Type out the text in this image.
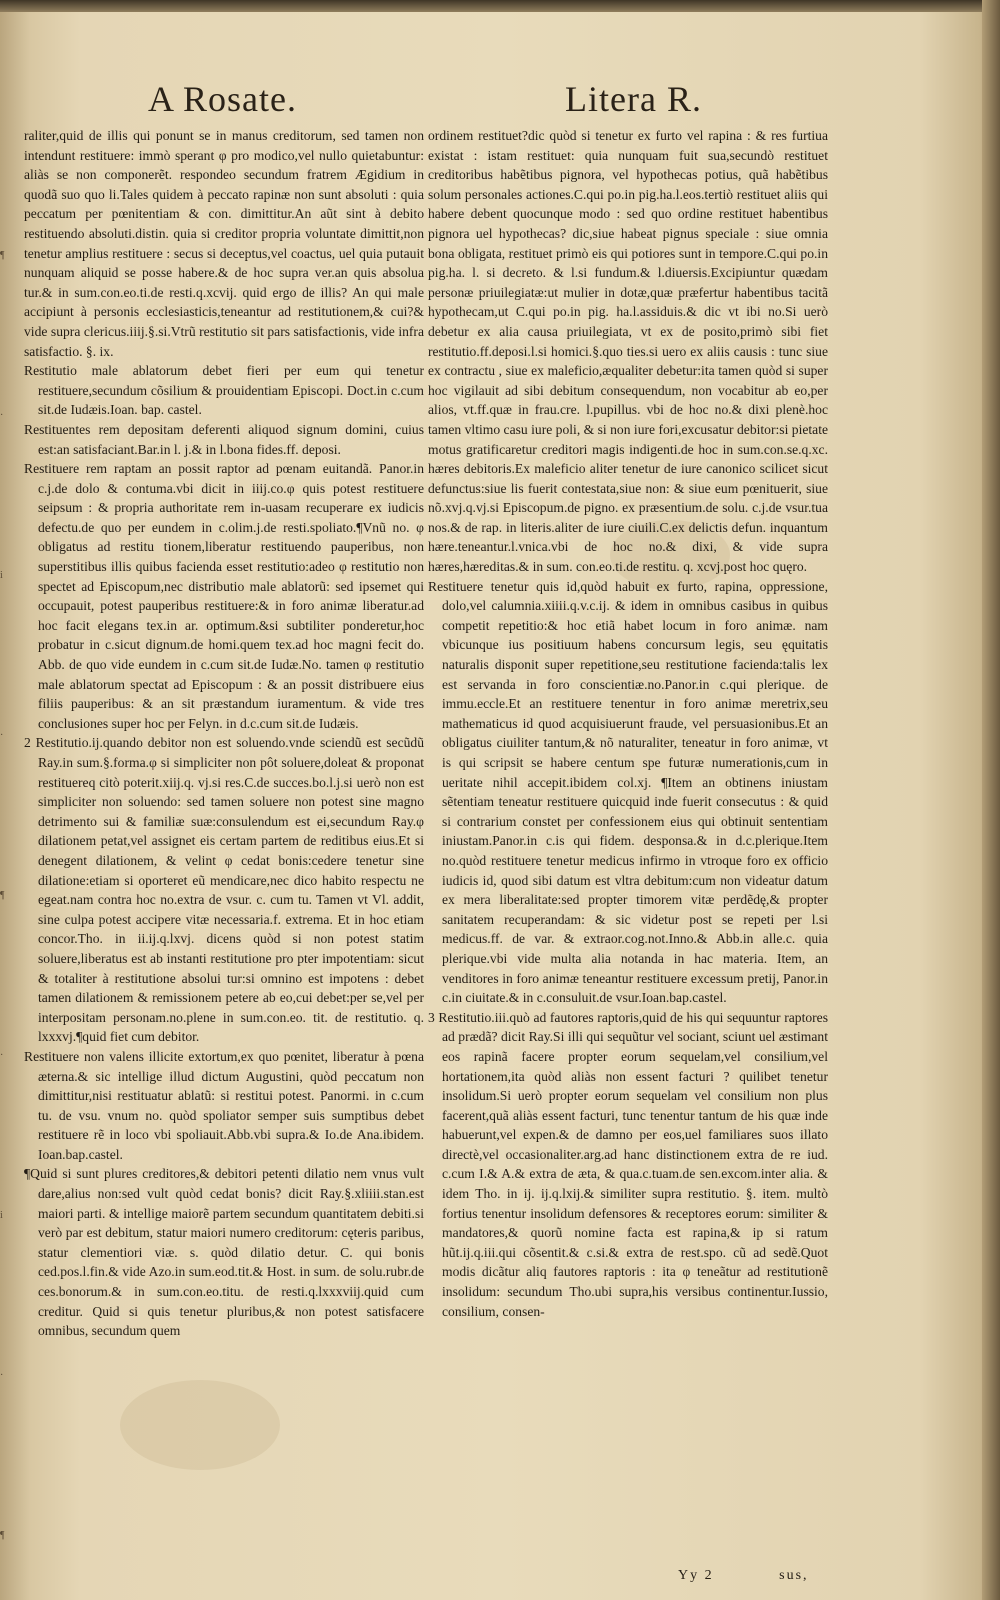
A Rosate.	Litera R.
¶
·
i
·
¶
·
i
·
¶

raliter,quid de illis qui ponunt se in manus creditorum, sed tamen non intendunt restituere: immò sperant φ pro modico,vel nullo quietabuntur: aliàs se non componerẽt. respondeo secundum fratrem Ægidium in quodã suo quo li.Tales quidem à peccato rapinæ non sunt absoluti : quia peccatum per pœnitentiam & con. dimittitur.An aũt sint à debito restituendo absoluti.distin. quia si creditor propria voluntate dimittit,non tenetur amplius restituere : secus si deceptus,vel coactus, uel quia putauit nunquam aliquid se posse habere.& de hoc supra ver.an quis absolua tur.& in sum.con.eo.ti.de resti.q.xcvij. quid ergo de illis? An qui male accipiunt à personis ecclesiasticis,teneantur ad restitutionem,& cui?& vide supra clericus.iiij.§.si.Vtrũ restitutio sit pars satisfactionis, vide infra satisfactio. §. ix.

Restitutio male ablatorum debet fieri per eum qui tenetur restituere,secundum cõsilium & prouidentiam Episcopi. Doct.in c.cum sit.de Iudæis.Ioan. bap. castel.

Restituentes rem depositam deferenti aliquod signum domini, cuius est:an satisfaciant.Bar.in l. j.& in l.bona fides.ff. deposi.

Restituere rem raptam an possit raptor ad pœnam euitandã. Panor.in c.j.de dolo & contuma.vbi dicit in iiij.co.φ quis potest restituere seipsum : & propria authoritate rem in-uasam recuperare ex iudicis defectu.de quo per eundem in c.olim.j.de resti.spoliato.¶Vnũ no. φ obligatus ad restitu tionem,liberatur restituendo pauperibus, non superstitibus illis quibus facienda esset restitutio:adeo φ restitutio non spectet ad Episcopum,nec distributio male ablatorũ: sed ipsemet qui occupauit, potest pauperibus restituere:& in foro animæ liberatur.ad hoc facit elegans tex.in ar. optimum.&si subtiliter ponderetur,hoc probatur in c.sicut dignum.de homi.quem tex.ad hoc magni fecit do. Abb. de quo vide eundem in c.cum sit.de Iudæ.No. tamen φ restitutio male ablatorum spectat ad Episcopum : & an possit distribuere eius filiis pauperibus: & an sit præstandum iuramentum. & vide tres conclusiones super hoc per Felyn. in d.c.cum sit.de Iudæis.

2 Restitutio.ij.quando debitor non est soluendo.vnde sciendũ est secũdũ Ray.in sum.§.forma.φ si simpliciter non pôt soluere,doleat & proponat restituereq citò poterit.xiij.q. vj.si res.C.de succes.bo.l.j.si uerò non est simpliciter non soluendo: sed tamen soluere non potest sine magno detrimento sui & familiæ suæ:consulendum est ei,secundum Ray.φ dilationem petat,vel assignet eis certam partem de reditibus eius.Et si denegent dilationem, & velint φ cedat bonis:cedere tenetur sine dilatione:etiam si oporteret eũ mendicare,nec dico habito respectu ne egeat.nam contra hoc no.extra de vsur. c. cum tu. Tamen vt Vl. addit, sine culpa potest accipere vitæ necessaria.f. extrema. Et in hoc etiam concor.Tho. in ii.ij.q.lxvj. dicens quòd si non potest statim soluere,liberatus est ab instanti restitutione pro pter impotentiam: sicut & totaliter à restitutione absolui tur:si omnino est impotens : debet tamen dilationem & remissionem petere ab eo,cui debet:per se,vel per interpositam personam.no.plene in sum.con.eo. tit. de restitutio. q. lxxxvj.¶quid fiet cum debitor.

Restituere non valens illicite extortum,ex quo pœnitet, liberatur à pœna æterna.& sic intellige illud dictum Augustini, quòd peccatum non dimittitur,nisi restituatur ablatũ: si restitui potest. Panormi. in c.cum tu. de vsu. vnum no. quòd spoliator semper suis sumptibus debet restituere rẽ in loco vbi spoliauit.Abb.vbi supra.& Io.de Ana.ibidem. Ioan.bap.castel.

¶Quid si sunt plures creditores,& debitori petenti dilatio nem vnus vult dare,alius non:sed vult quòd cedat bonis? dicit Ray.§.xliiii.stan.est maiori parti. & intellige maiorẽ partem secundum quantitatem debiti.si verò par est debitum, statur maiori numero creditorum: cęteris paribus, statur clementiori viæ. s. quòd dilatio detur. C. qui bonis ced.pos.l.fin.& vide Azo.in sum.eod.tit.& Host. in sum. de solu.rubr.de ces.bonorum.& in sum.con.eo.titu. de resti.q.lxxxviij.quid cum creditur. Quid si quis tenetur pluribus,& non potest satisfacere omnibus, secundum quem

ordinem restituet?dic quòd si tenetur ex furto vel rapina : & res furtiua existat : istam restituet: quia nunquam fuit sua,secundò restituet creditoribus habẽtibus pignora, vel hypothecas potius, quã habẽtibus solum personales actiones.C.qui po.in pig.ha.l.eos.tertiò restituet aliis qui habere debent quocunque modo : sed quo ordine restituet habentibus pignora uel hypothecas? dic,siue habeat pignus speciale : siue omnia bona obligata, restituet primò eis qui potiores sunt in tempore.C.qui po.in pig.ha. l. si decreto. & l.si fundum.& l.diuersis.Excipiuntur quædam personæ priuilegiatæ:ut mulier in dotæ,quæ præfertur habentibus tacitã hypothecam,ut C.qui po.in pig. ha.l.assiduis.& dic vt ibi no.Si uerò debetur ex alia causa priuilegiata, vt ex de posito,primò sibi fiet restitutio.ff.deposi.l.si homici.§.quo ties.si uero ex aliis causis : tunc siue ex contractu , siue ex maleficio,æqualiter debetur:ita tamen quòd si super hoc vigilauit ad sibi debitum consequendum, non vocabitur ab eo,per alios, vt.ff.quæ in frau.cre. l.pupillus. vbi de hoc no.& dixi plenè.hoc tamen vltimo casu iure poli, & si non iure fori,excusatur debitor:si pietate motus gratificaretur creditori magis indigenti.de hoc in sum.con.se.q.xc. hæres debitoris.Ex maleficio aliter tenetur de iure canonico scilicet sicut defunctus:siue lis fuerit contestata,siue non: & siue eum pœnituerit, siue nõ.xvj.q.vj.si Episcopum.de pigno. ex præsentium.de solu. c.j.de vsur.tua nos.& de rap. in literis.aliter de iure ciuili.C.ex delictis defun. inquantum hære.teneantur.l.vnica.vbi de hoc no.& dixi, & vide supra hæres,hæreditas.& in sum. con.eo.ti.de restitu. q. xcvj.post hoc quęro.

Restituere tenetur quis id,quòd habuit ex furto, rapina, oppressione, dolo,vel calumnia.xiiii.q.v.c.ij. & idem in omnibus casibus in quibus competit repetitio:& hoc etiã habet locum in foro animæ. nam vbicunque ius positiuum habens concursum legis, seu ęquitatis naturalis disponit super repetitione,seu restitutione facienda:talis lex est servanda in foro conscientiæ.no.Panor.in c.qui plerique. de immu.eccle.Et an restituere tenentur in foro animæ meretrix,seu mathematicus id quod acquisiuerunt fraude, vel persuasionibus.Et an obligatus ciuiliter tantum,& nõ naturaliter, teneatur in foro animæ, vt is qui scripsit se habere centum spe futuræ numerationis,cum in ueritate nihil accepit.ibidem col.xj. ¶Item an obtinens iniustam sẽtentiam teneatur restituere quicquid inde fuerit consecutus : & quid si contrarium constet per confessionem eius qui obtinuit sententiam iniustam.Panor.in c.is qui fidem. desponsa.& in d.c.plerique.Item no.quòd restituere tenetur medicus infirmo in vtroque foro ex officio iudicis id, quod sibi datum est vltra debitum:cum non videatur datum ex mera liberalitate:sed propter timorem vitæ perdẽdę,& propter sanitatem recuperandam: & sic videtur post se repeti per l.si medicus.ff. de var. & extraor.cog.not.Inno.& Abb.in alle.c. quia plerique.vbi vide multa alia notanda in hac materia. Item, an venditores in foro animæ teneantur restituere excessum pretij, Panor.in c.in ciuitate.& in c.consuluit.de vsur.Ioan.bap.castel.

3 Restitutio.iii.quò ad fautores raptoris,quid de his qui sequuntur raptores ad prædã? dicit Ray.Si illi qui sequũtur vel sociant, sciunt uel æstimant eos rapinã facere propter eorum sequelam,vel consilium,vel hortationem,ita quòd aliàs non essent facturi ? quilibet tenetur insolidum.Si uerò propter eorum sequelam vel consilium non plus facerent,quã aliàs essent facturi, tunc tenentur tantum de his quæ inde habuerunt,vel expen.& de damno per eos,uel familiares suos illato directè,vel occasionaliter.arg.ad hanc distinctionem extra de re iud. c.cum I.& A.& extra de æta, & qua.c.tuam.de sen.excom.inter alia. & idem Tho. in ij. ij.q.lxij.& similiter supra restitutio. §. item. multò fortius tenentur insolidum defensores & receptores eorum: similiter & mandatores,& quorũ nomine facta est rapina,& ip si ratum hũt.ij.q.iii.qui cõsentit.& c.si.& extra de rest.spo. cũ ad sedẽ.Quot modis dicãtur aliq fautores raptoris : ita φ teneãtur ad restitutionẽ insolidum: secundum Tho.ubi supra,his versibus continentur.Iussio, consilium, consen-

Yy 2	sus,
